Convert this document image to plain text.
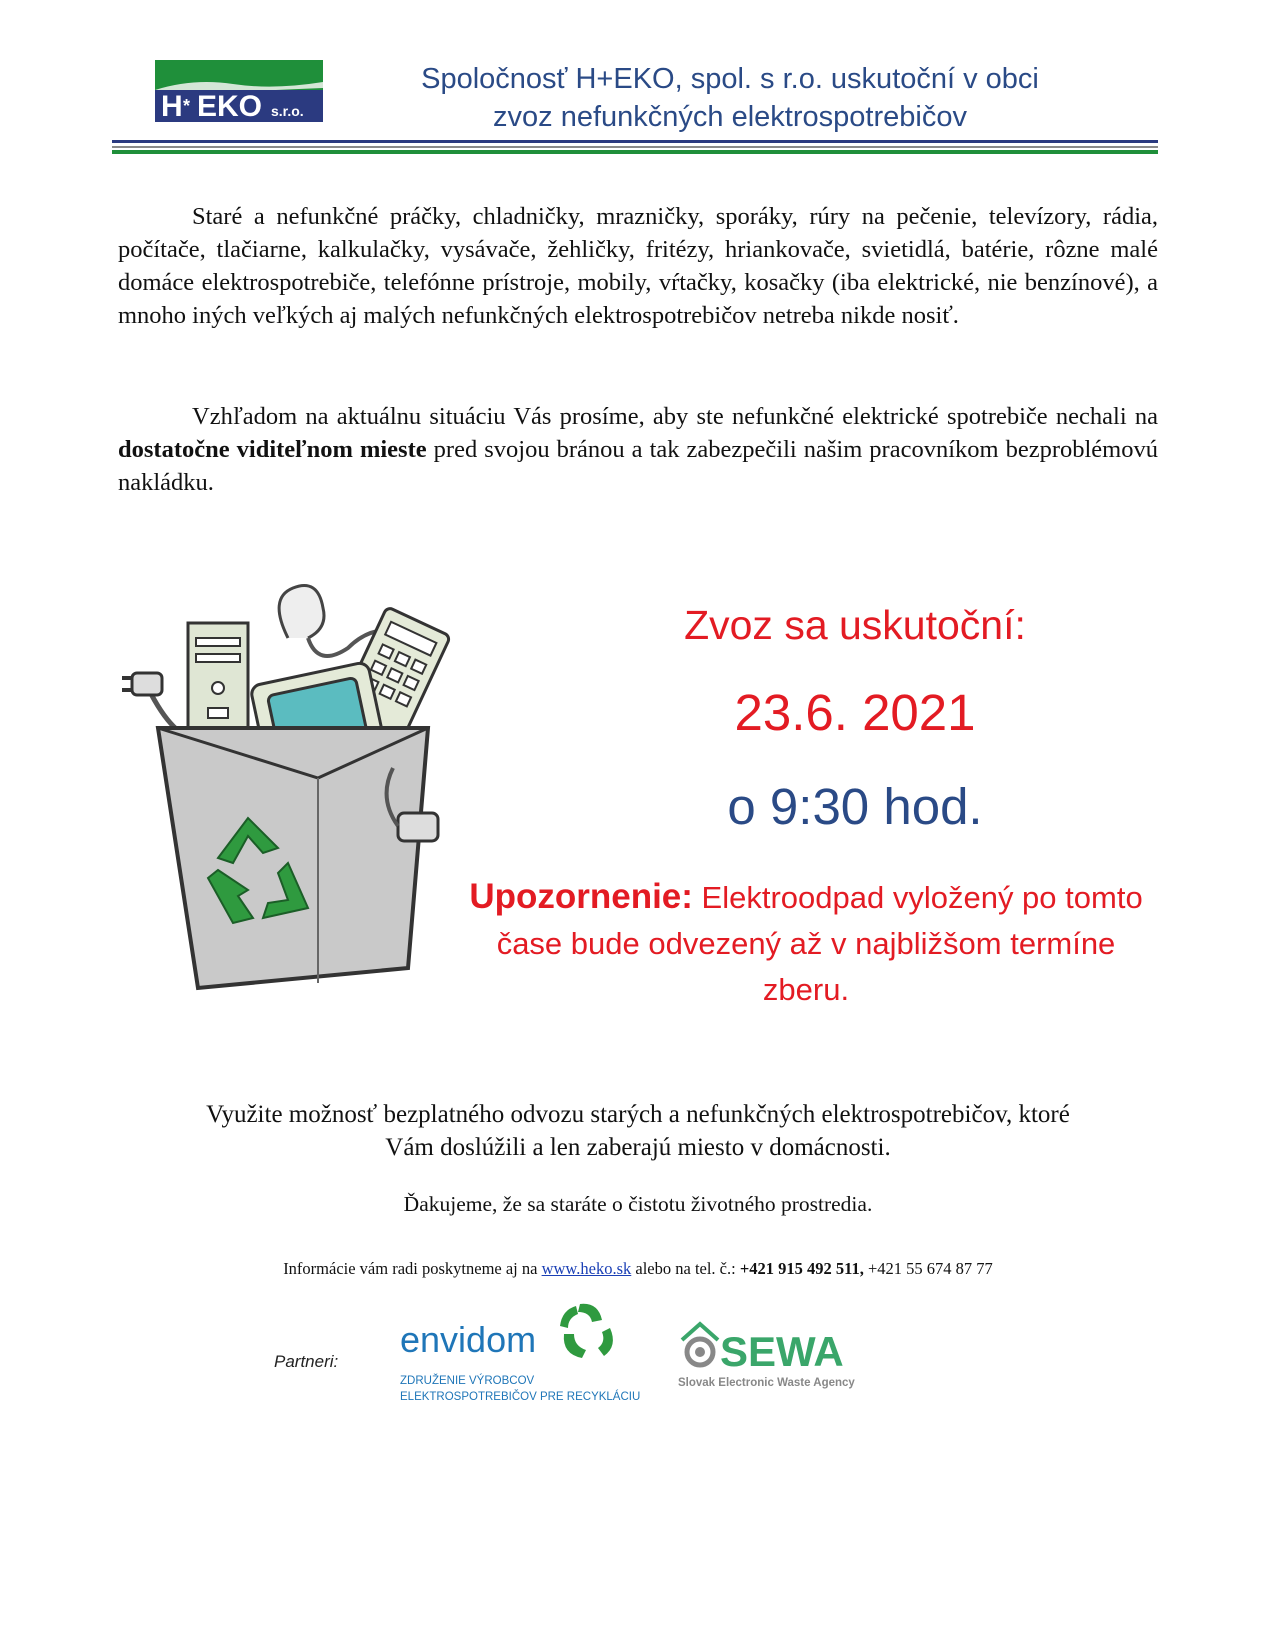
H * EKO s.r.o.
Spoločnosť H+EKO, spol. s r.o. uskutoční v obci
zvoz nefunkčných elektrospotrebičov
Staré a nefunkčné práčky, chladničky, mrazničky, sporáky, rúry na pečenie, televízory, rádia, počítače, tlačiarne, kalkulačky, vysávače, žehličky, fritézy, hriankovače, svietidlá, batérie, rôzne malé domáce elektrospotrebiče, telefónne prístroje, mobily, vŕtačky, kosačky (iba elektrické, nie benzínové), a mnoho iných veľkých aj malých nefunkčných elektrospotrebičov netreba nikde nosiť.
Vzhľadom na aktuálnu situáciu Vás prosíme, aby ste nefunkčné elektrické spotrebiče nechali na dostatočne viditeľnom mieste pred svojou bránou a tak zabezpečili našim pracovníkom bezproblémovú nakládku.
Zvoz sa uskutoční:
23.6. 2021
o 9:30 hod.
Upozornenie: Elektroodpad vyložený po tomto čase bude odvezený až v najbližšom termíne zberu.
Využite možnosť bezplatného odvozu starých a nefunkčných elektrospotrebičov, ktoré
Vám doslúžili a len zaberajú miesto v domácnosti.
Ďakujeme, že sa staráte o čistotu životného prostredia.
Informácie vám radi poskytneme aj na www.heko.sk alebo na tel. č.: +421 915 492 511, +421 55 674 87 77
Partneri:
envidom
ZDRUŽENIE VÝROBCOV
ELEKTROSPOTREBIČOV PRE RECYKLÁCIU
SEWA
Slovak Electronic Waste Agency
